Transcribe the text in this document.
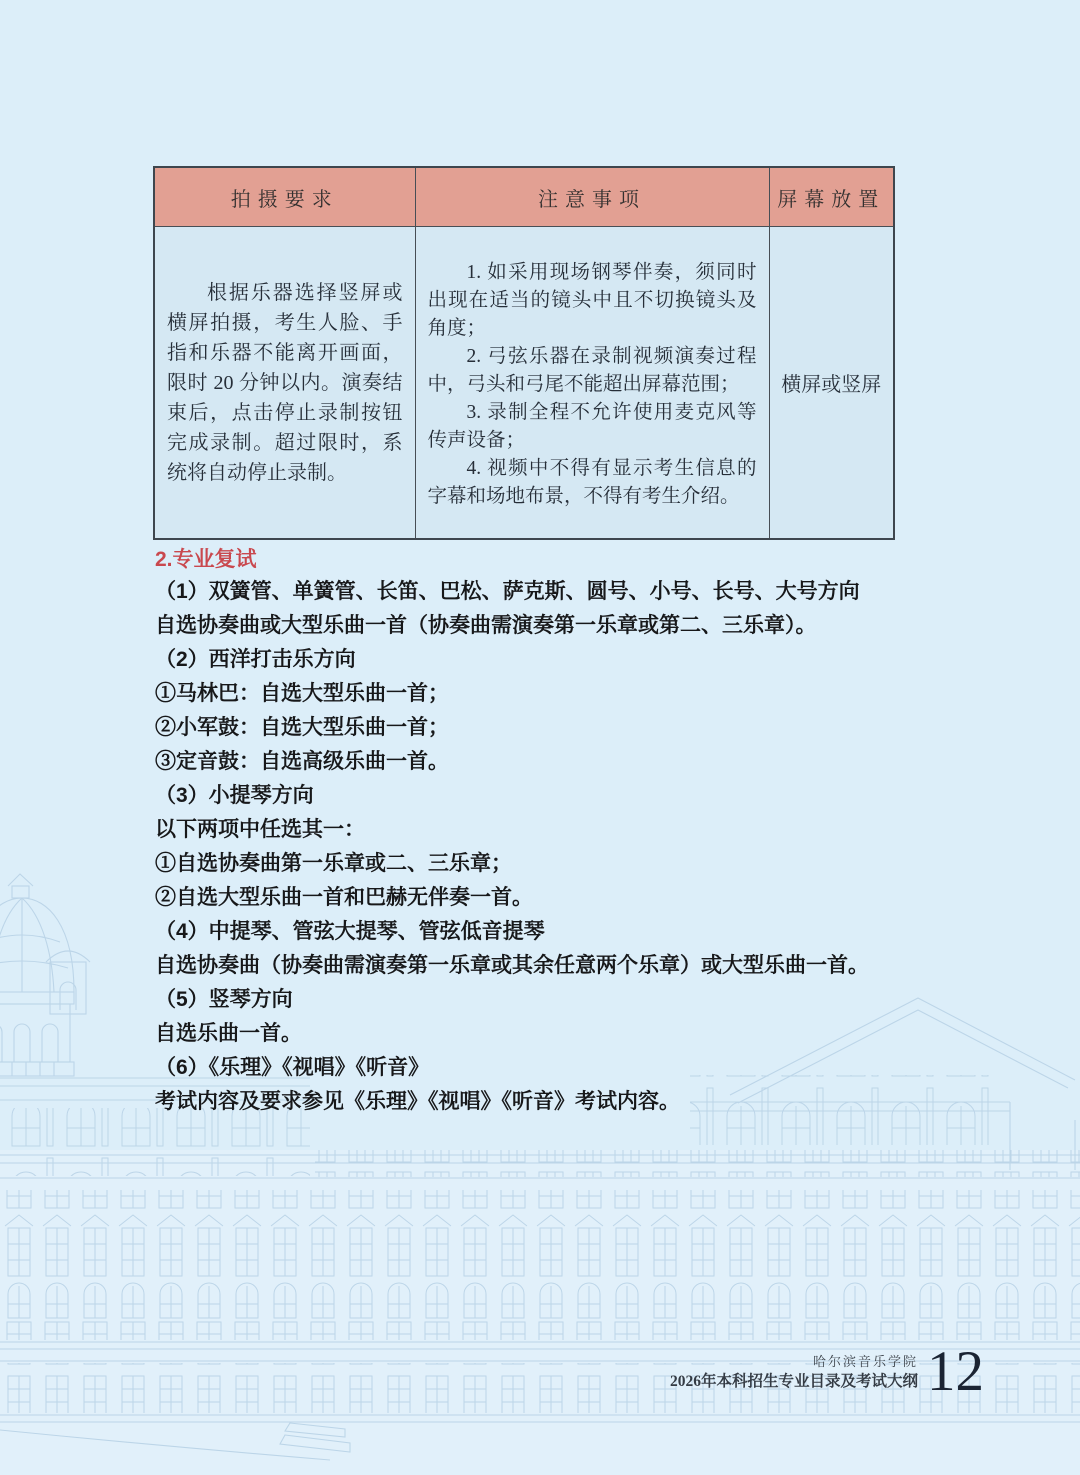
拍摄要求	注意事项	屏幕放置

根据乐器选择竖屏或横屏拍摄，考生人脸、手指和乐器不能离开画面，限时 20 分钟以内。演奏结束后，点击停止录制按钮完成录制。超过限时，系统将自动停止录制。	1. 如采用现场钢琴伴奏，须同时出现在适当的镜头中且不切换镜头及角度；

2. 弓弦乐器在录制视频演奏过程中，弓头和弓尾不能超出屏幕范围；

3. 录制全程不允许使用麦克风等传声设备；

4. 视频中不得有显示考生信息的字幕和场地布景，不得有考生介绍。	横屏或竖屏
2.专业复试
（1）双簧管、单簧管、长笛、巴松、萨克斯、圆号、小号、长号、大号方向
自选协奏曲或大型乐曲一首（协奏曲需演奏第一乐章或第二、三乐章）。
（2）西洋打击乐方向
①马林巴：自选大型乐曲一首；
②小军鼓：自选大型乐曲一首；
③定音鼓：自选高级乐曲一首。
（3）小提琴方向
以下两项中任选其一：
①自选协奏曲第一乐章或二、三乐章；
②自选大型乐曲一首和巴赫无伴奏一首。
（4）中提琴、管弦大提琴、管弦低音提琴
自选协奏曲（协奏曲需演奏第一乐章或其余任意两个乐章）或大型乐曲一首。
（5）竖琴方向
自选乐曲一首。
（6）《乐理》《视唱》《听音》
考试内容及要求参见《乐理》《视唱》《听音》考试内容。
哈尔滨音乐学院
2026年本科招生专业目录及考试大纲 12
